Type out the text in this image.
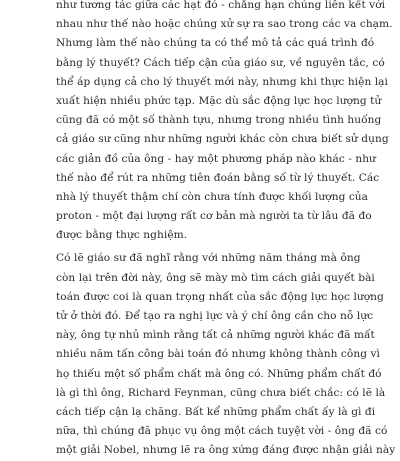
như tương tác giữa các hạt đó - chẳng hạn chúng liên kết với
nhau như thế nào hoặc chúng xử sự ra sao trong các va chạm.
Nhưng làm thế nào chúng ta có thể mô tả các quá trình đó
bằng lý thuyết? Cách tiếp cận của giáo sư, về nguyên tắc, có
thể áp dụng cả cho lý thuyết mới này, nhưng khi thực hiện lại
xuất hiện nhiều phức tạp. Mặc dù sắc động lực học lượng tử
cũng đã có một số thành tựu, nhưng trong nhiều tình huống
cả giáo sư cũng như những người khác còn chưa biết sử dụng
các giản đồ của ông - hay một phương pháp nào khác - như
thế nào để rút ra những tiên đoán bằng số từ lý thuyết. Các
nhà lý thuyết thậm chí còn chưa tính được khối lượng của
proton - một đại lượng rất cơ bản mà người ta từ lâu đã đo
được bằng thực nghiệm.
Có lẽ giáo sư đã nghĩ rằng với những năm tháng mà ông
còn lại trên đời này, ông sẽ mày mò tìm cách giải quyết bài
toán được coi là quan trọng nhất của sắc động lực học lượng
tử ở thời đó. Để tạo ra nghị lực và ý chí ông cần cho nỗ lực
này, ông tự nhủ mình rằng tất cả những người khác đã mất
nhiều năm tấn công bài toán đó nhưng không thành công vì
họ thiếu một số phẩm chất mà ông có. Những phẩm chất đó
là gì thì ông, Richard Feynman, cũng chưa biết chắc: có lẽ là
cách tiếp cận lạ chăng. Bất kể những phẩm chất ấy là gì đi
nữa, thì chúng đã phục vụ ông một cách tuyệt vời - ông đã có
một giải Nobel, nhưng lẽ ra ông xứng đáng được nhận giải này
